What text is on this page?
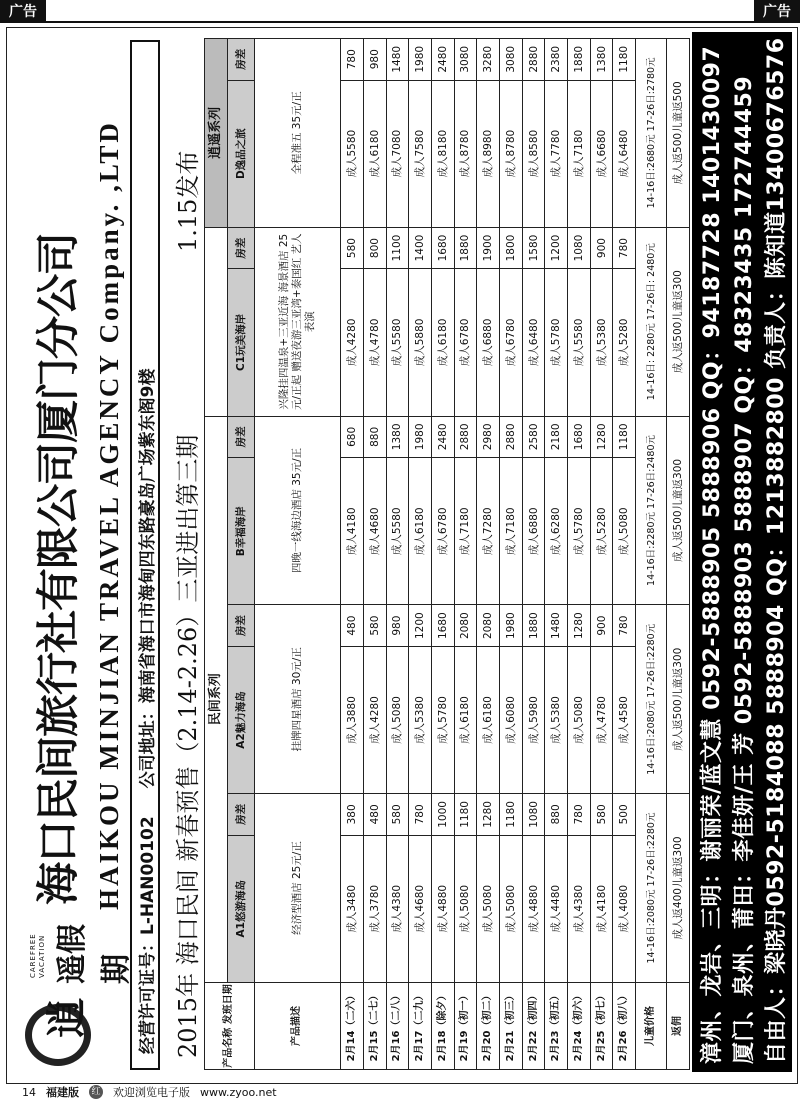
广告	广告
逍
CAREFREE
VACATION 遥假期
海口民间旅行社有限公司厦门分公司 HAIKOU MINJIAN TRAVEL AGENCY Company. ,LTD
经营许可证号：L-HAN00102
公司地址：海南省海口市海甸四东路豪岛广场紫东阁9楼 2015年 海口民间 新春预售（2.14-2.26）三亚进出第三期
1.15发布
产品名称 发班日期	民间系列								逍遥系列	
	A1悠游海岛	房差	A2魅力海岛	房差	B幸福海岸	房差	C1玩美海岸	房差	D逸品之旅	房差
产品描述	经济型酒店 25元/正		挂牌四星酒店 30元/正		四晚一线海边酒店 35元/正		兴隆挂四温泉+三亚近海 海景酒店 25元/正起 赠送夜游三亚湾+泰国红 艺人表演		全程准五 35元/正	
2月14（二六）	成人3480	380	成人3880	480	成人4180	680	成人4280	580	成人5580	780
2月15（二七）	成人3780	480	成人4280	580	成人4680	880	成人4780	800	成人6180	980
2月16（二八）	成人4380	580	成人5080	980	成人5580	1380	成人5580	1100	成人7080	1480
2月17（二九）	成人4680	780	成人5380	1200	成人6180	1980	成人5880	1400	成人7580	1980
2月18（除夕）	成人4880	1000	成人5780	1680	成人6780	2480	成人6180	1680	成人8180	2480
2月19（初一）	成人5080	1180	成人6180	2080	成人7180	2880	成人6780	1880	成人8780	3080
2月20（初二）	成人5080	1280	成人6180	2080	成人7280	2980	成人6880	1900	成人8980	3280
2月21（初三）	成人5080	1180	成人6080	1980	成人7180	2880	成人6780	1800	成人8780	3080
2月22（初四）	成人4880	1080	成人5980	1880	成人6880	2580	成人6480	1580	成人8580	2880
2月23（初五）	成人4480	880	成人5380	1480	成人6280	2180	成人5780	1200	成人7780	2380
2月24（初六）	成人4380	780	成人5080	1280	成人5780	1680	成人5580	1080	成人7180	1880
2月25（初七）	成人4180	580	成人4780	900	成人5280	1280	成人5380	900	成人6680	1380
2月26（初八）	成人4080	500	成人4580	780	成人5080	1180	成人5280	780	成人6480	1180
儿童价格	14-16日:2080元 17-26日:2280元		14-16日:2080元 17-26日:2280元		14-16日:2280元 17-26日:2480元		14-16日: 2280元 17-26日: 2480元		14-16日:2680元 17-26日:2780元	
返佣	成人返400儿童返300		成人返500儿童返300		成人返500儿童返300		成人返500儿童返300		成人返500儿童返500	漳州、龙岩、三明：谢丽荣/蓝文慧 0592-5888905 5888906 QQ：94187728 1401430097 厦门、泉州、莆田：李佳妍/王 芳 0592-5888903 5888907 QQ：48323435 172744459 自由人：梁晓丹0592-5184088 5888904 QQ：1213882800 负责人：陈知道13400676576
14 福建版 红 欢迎浏览电子版 www.zyoo.net
